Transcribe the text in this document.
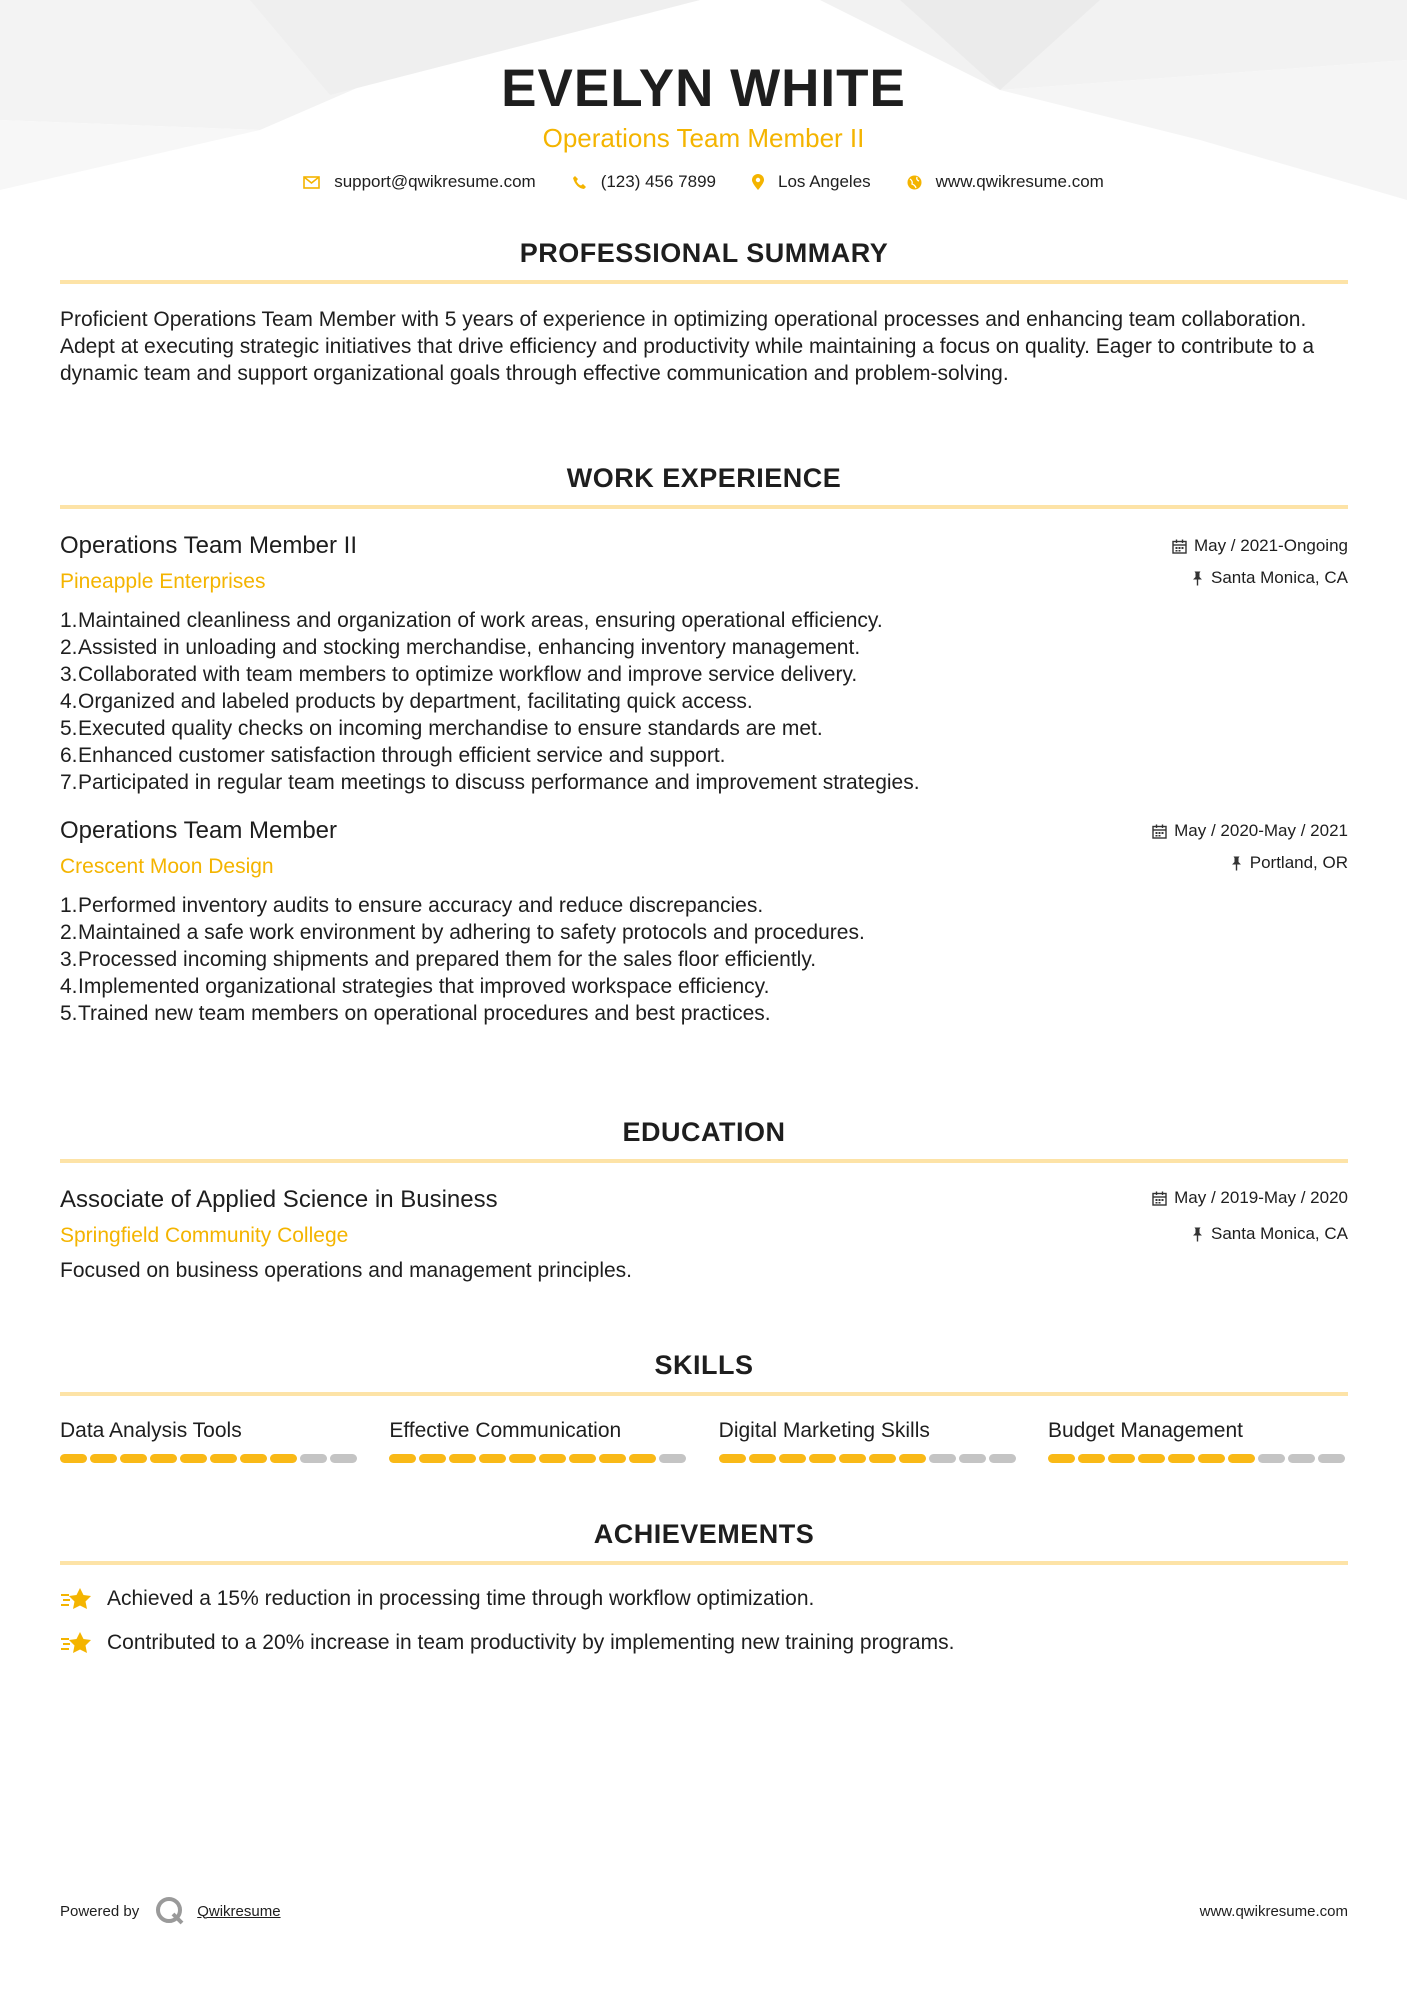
EVELYN WHITE
Operations Team Member II
support@qwikresume.com	(123) 456 7899	Los Angeles	www.qwikresume.com
PROFESSIONAL SUMMARY

Proficient Operations Team Member with 5 years of experience in optimizing operational processes and enhancing team collaboration. Adept at executing strategic initiatives that drive efficiency and productivity while maintaining a focus on quality. Eager to contribute to a dynamic team and support organizational goals through effective communication and problem-solving.

WORK EXPERIENCE
Operations Team Member II
Pineapple Enterprises
May / 2021-Ongoing
Santa Monica, CA
1. Maintained cleanliness and organization of work areas, ensuring operational efficiency.
2. Assisted in unloading and stocking merchandise, enhancing inventory management.
3. Collaborated with team members to optimize workflow and improve service delivery.
4. Organized and labeled products by department, facilitating quick access.
5. Executed quality checks on incoming merchandise to ensure standards are met.
6. Enhanced customer satisfaction through efficient service and support.
7. Participated in regular team meetings to discuss performance and improvement strategies.
Operations Team Member
Crescent Moon Design
May / 2020-May / 2021
Portland, OR
1. Performed inventory audits to ensure accuracy and reduce discrepancies.
2. Maintained a safe work environment by adhering to safety protocols and procedures.
3. Processed incoming shipments and prepared them for the sales floor efficiently.
4. Implemented organizational strategies that improved workspace efficiency.
5. Trained new team members on operational procedures and best practices.
EDUCATION
Associate of Applied Science in Business
Springfield Community College
May / 2019-May / 2020
Santa Monica, CA

Focused on business operations and management principles.

SKILLS
Data Analysis Tools	Effective Communication	Digital Marketing Skills	Budget Management
ACHIEVEMENTS
Achieved a 15% reduction in processing time through workflow optimization.
Contributed to a 20% increase in team productivity by implementing new training programs.
Powered by	Qwikresume	www.qwikresume.com
